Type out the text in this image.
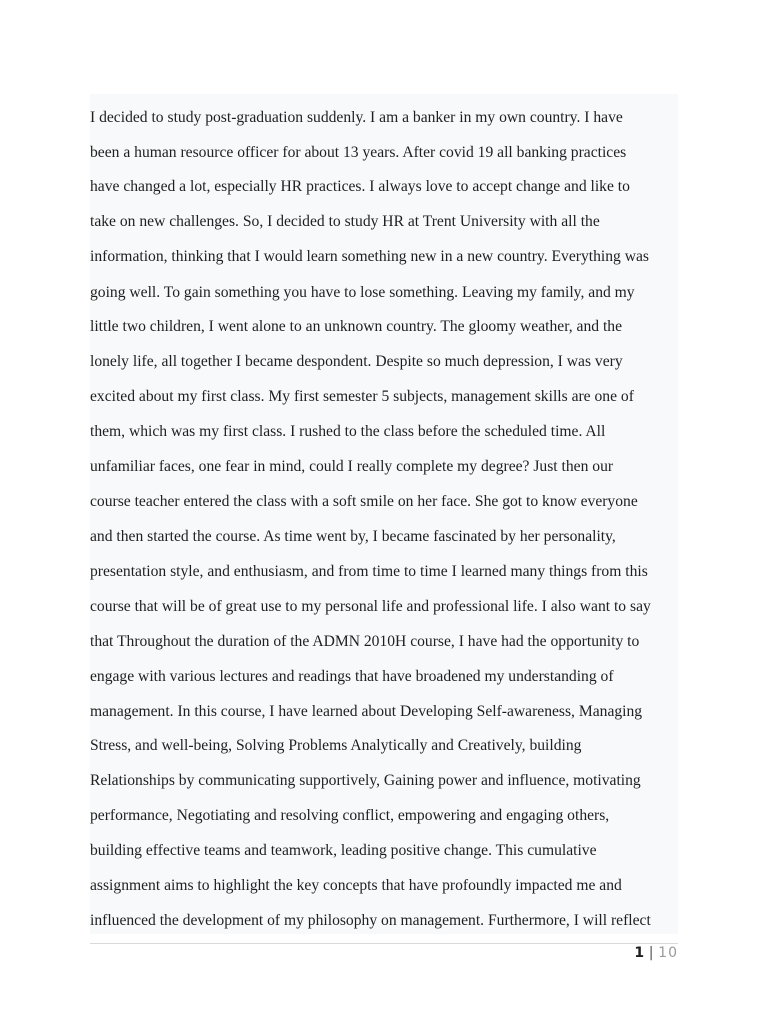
I decided to study post-graduation suddenly. I am a banker in my own country. I have
been a human resource officer for about 13 years. After covid 19 all banking practices
have changed a lot, especially HR practices. I always love to accept change and like to
take on new challenges. So, I decided to study HR at Trent University with all the
information, thinking that I would learn something new in a new country. Everything was
going well. To gain something you have to lose something. Leaving my family, and my
little two children, I went alone to an unknown country. The gloomy weather, and the
lonely life, all together I became despondent. Despite so much depression, I was very
excited about my first class. My first semester 5 subjects, management skills are one of
them, which was my first class. I rushed to the class before the scheduled time. All
unfamiliar faces, one fear in mind, could I really complete my degree? Just then our
course teacher entered the class with a soft smile on her face. She got to know everyone
and then started the course. As time went by, I became fascinated by her personality,
presentation style, and enthusiasm, and from time to time I learned many things from this
course that will be of great use to my personal life and professional life. I also want to say
that Throughout the duration of the ADMN 2010H course, I have had the opportunity to
engage with various lectures and readings that have broadened my understanding of
management. In this course, I have learned about Developing Self-awareness, Managing
Stress, and well-being, Solving Problems Analytically and Creatively, building
Relationships by communicating supportively, Gaining power and influence, motivating
performance, Negotiating and resolving conflict, empowering and engaging others,
building effective teams and teamwork, leading positive change. This cumulative
assignment aims to highlight the key concepts that have profoundly impacted me and
influenced the development of my philosophy on management. Furthermore, I will reflect
1 | 10
